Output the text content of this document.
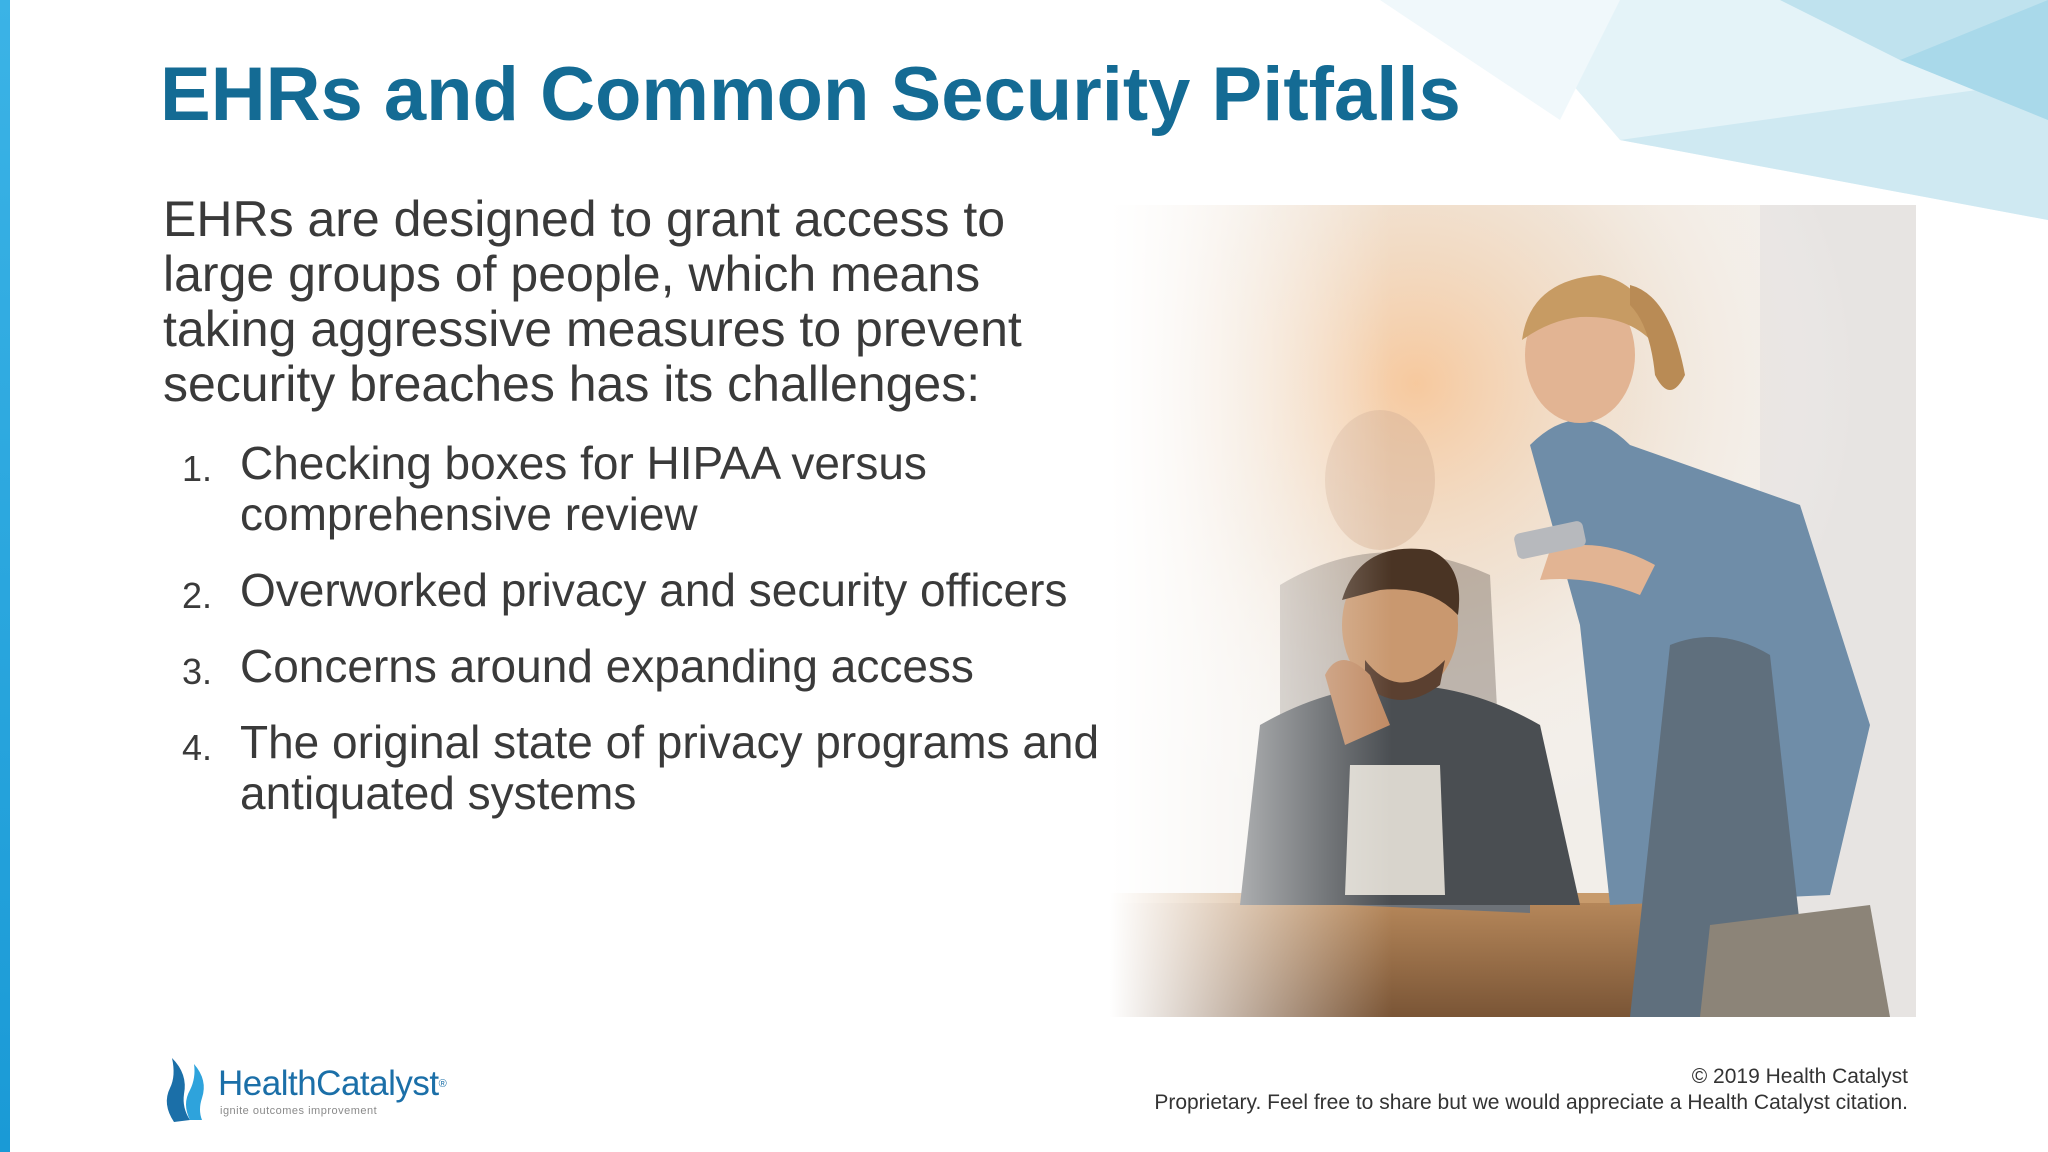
EHRs and Common Security Pitfalls

EHRs are designed to grant access to large groups of people, which means taking aggressive measures to prevent security breaches has its challenges:

1. Checking boxes for HIPAA versus comprehensive review
2. Overworked privacy and security officers
3. Concerns around expanding access
4. The original state of privacy programs and antiquated systems
HealthCatalyst®
ignite outcomes improvement
© 2019 Health Catalyst
Proprietary. Feel free to share but we would appreciate a Health Catalyst citation.
